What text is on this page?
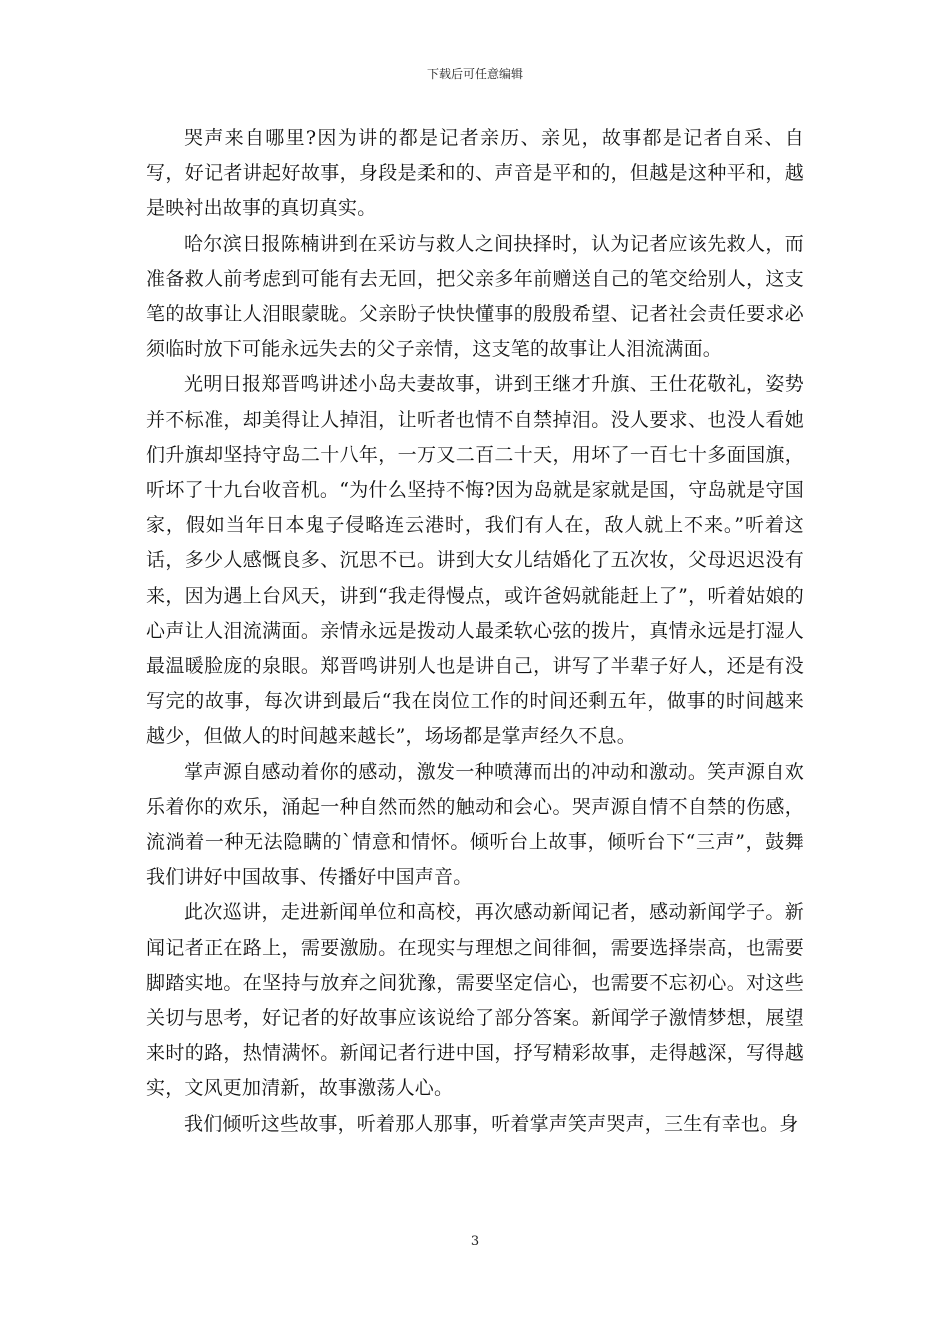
下载后可任意编辑

哭声来自哪里?因为讲的都是记者亲历、亲见，故事都是记者自采、自写，好记者讲起好故事，身段是柔和的、声音是平和的，但越是这种平和，越是映衬出故事的真切真实。

哈尔滨日报陈楠讲到在采访与救人之间抉择时，认为记者应该先救人，而准备救人前考虑到可能有去无回，把父亲多年前赠送自己的笔交给别人，这支笔的故事让人泪眼蒙眬。父亲盼子快快懂事的殷殷希望、记者社会责任要求必须临时放下可能永远失去的父子亲情，这支笔的故事让人泪流满面。

光明日报郑晋鸣讲述小岛夫妻故事，讲到王继才升旗、王仕花敬礼，姿势并不标准，却美得让人掉泪，让听者也情不自禁掉泪。没人要求、也没人看她们升旗却坚持守岛二十八年，一万又二百二十天，用坏了一百七十多面国旗，听坏了十九台收音机。“为什么坚持不悔?因为岛就是家就是国，守岛就是守国家，假如当年日本鬼子侵略连云港时，我们有人在，敌人就上不来。”听着这话，多少人感慨良多、沉思不已。讲到大女儿结婚化了五次妆，父母迟迟没有来，因为遇上台风天，讲到“我走得慢点，或许爸妈就能赶上了”，听着姑娘的心声让人泪流满面。亲情永远是拨动人最柔软心弦的拨片，真情永远是打湿人最温暖脸庞的泉眼。郑晋鸣讲别人也是讲自己，讲写了半辈子好人，还是有没写完的故事，每次讲到最后“我在岗位工作的时间还剩五年，做事的时间越来越少，但做人的时间越来越长”，场场都是掌声经久不息。

掌声源自感动着你的感动，激发一种喷薄而出的冲动和激动。笑声源自欢乐着你的欢乐，涌起一种自然而然的触动和会心。哭声源自情不自禁的伤感，流淌着一种无法隐瞒的`情意和情怀。倾听台上故事，倾听台下“三声”，鼓舞我们讲好中国故事、传播好中国声音。

此次巡讲，走进新闻单位和高校，再次感动新闻记者，感动新闻学子。新闻记者正在路上，需要激励。在现实与理想之间徘徊，需要选择崇高，也需要脚踏实地。在坚持与放弃之间犹豫，需要坚定信心，也需要不忘初心。对这些关切与思考，好记者的好故事应该说给了部分答案。新闻学子激情梦想，展望来时的路，热情满怀。新闻记者行进中国，抒写精彩故事，走得越深，写得越实，文风更加清新，故事激荡人心。

我们倾听这些故事，听着那人那事，听着掌声笑声哭声，三生有幸也。身

3
